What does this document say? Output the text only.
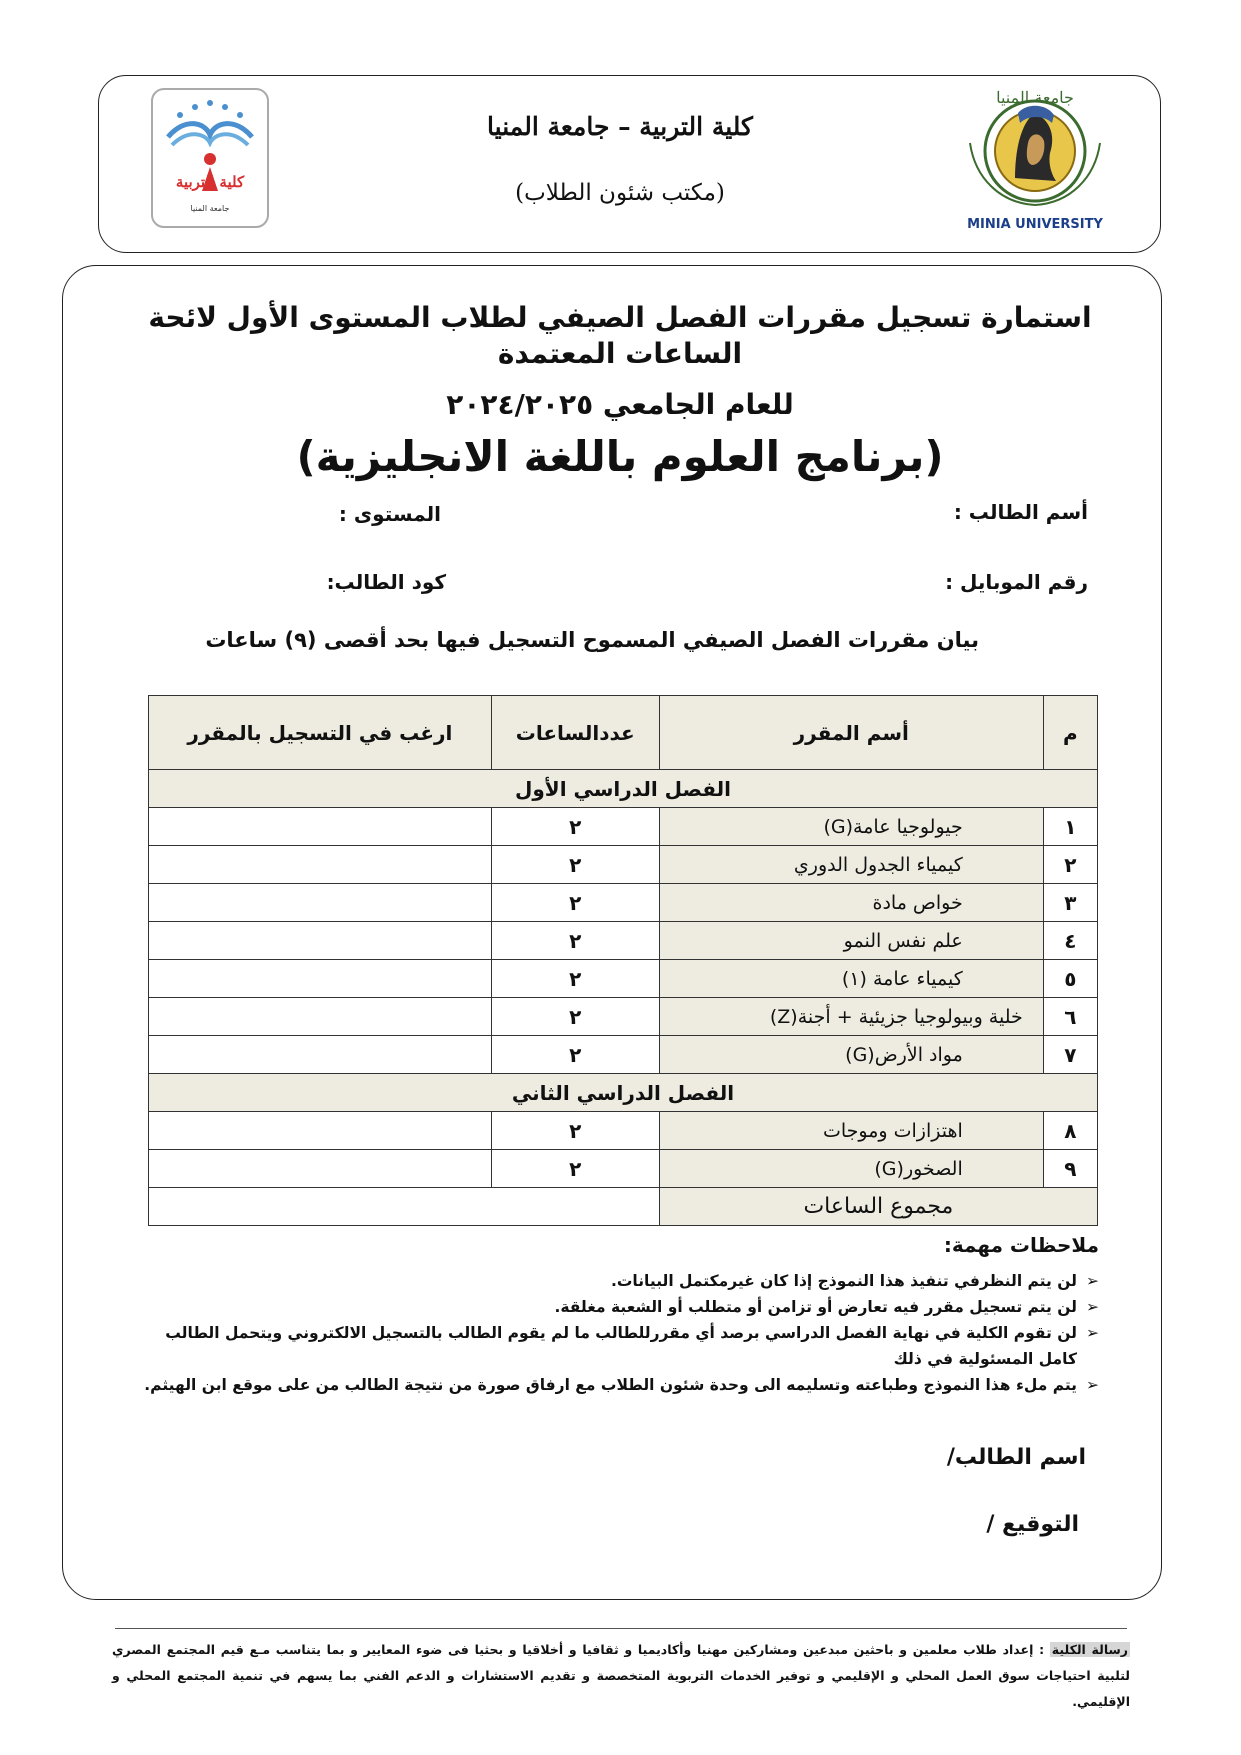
جامعة المنيا
MINIA UNIVERSITY
كلية التربية – جامعة المنيا
(مكتب شئون الطلاب)
كلية التربية
جامعة المنيا
استمارة تسجيل مقررات الفصل الصيفي لطلاب المستوى الأول لائحة الساعات المعتمدة
للعام الجامعي ٢٠٢٤/٢٠٢٥
(برنامج العلوم باللغة الانجليزية)
أسم الطالب :
المستوى :
رقم الموبايل :
كود الطالب:
بيان مقررات الفصل الصيفي المسموح التسجيل فيها بحد أقصى (٩) ساعات
م	أسم المقرر	عددالساعات	ارغب في التسجيل بالمقرر
الفصل الدراسي الأول			
١	جيولوجيا عامة(G)	٢	
٢	كيمياء الجدول الدوري	٢	
٣	خواص مادة	٢	
٤	علم نفس النمو	٢	
٥	كيمياء عامة (١)	٢	
٦	خلية وبيولوجيا جزيئية + أجنة(Z)	٢	
٧	مواد الأرض(G)	٢	
الفصل الدراسي الثاني			
٨	اهتزازات وموجات	٢	
٩	الصخور(G)	٢	
مجموع الساعات			
ملاحظات مهمة:
➢
لن يتم النظرفي تنفيذ هذا النموذج إذا كان غيرمكتمل البيانات.
➢
لن يتم تسجيل مقرر فيه تعارض أو تزامن أو متطلب أو الشعبة مغلقة.
➢
لن تقوم الكلية في نهاية الفصل الدراسي برصد أي مقررللطالب ما لم يقوم الطالب بالتسجيل الالكتروني ويتحمل الطالب كامل المسئولية في ذلك
➢
يتم ملء هذا النموذج وطباعته وتسليمه الى وحدة شئون الطلاب مع ارفاق صورة من نتيجة الطالب من على موقع ابن الهيثم.
اسم الطالب/
التوقيع /
رسالة الكلية : إعداد طلاب معلمين و باحثين مبدعين ومشاركين مهنيا وأكاديميا و ثقافيا و أخلاقيا و بحثيا فى ضوء المعايير و بما يتناسب مـع قيم المجتمع المصري لتلبية احتياجات سوق العمل المحلي و الإقليمي و توفير الخدمات التربوية المتخصصة و تقديم الاستشارات و الدعم الفني بما يسهم في تنمية المجتمع المحلي و الإقليمي.
